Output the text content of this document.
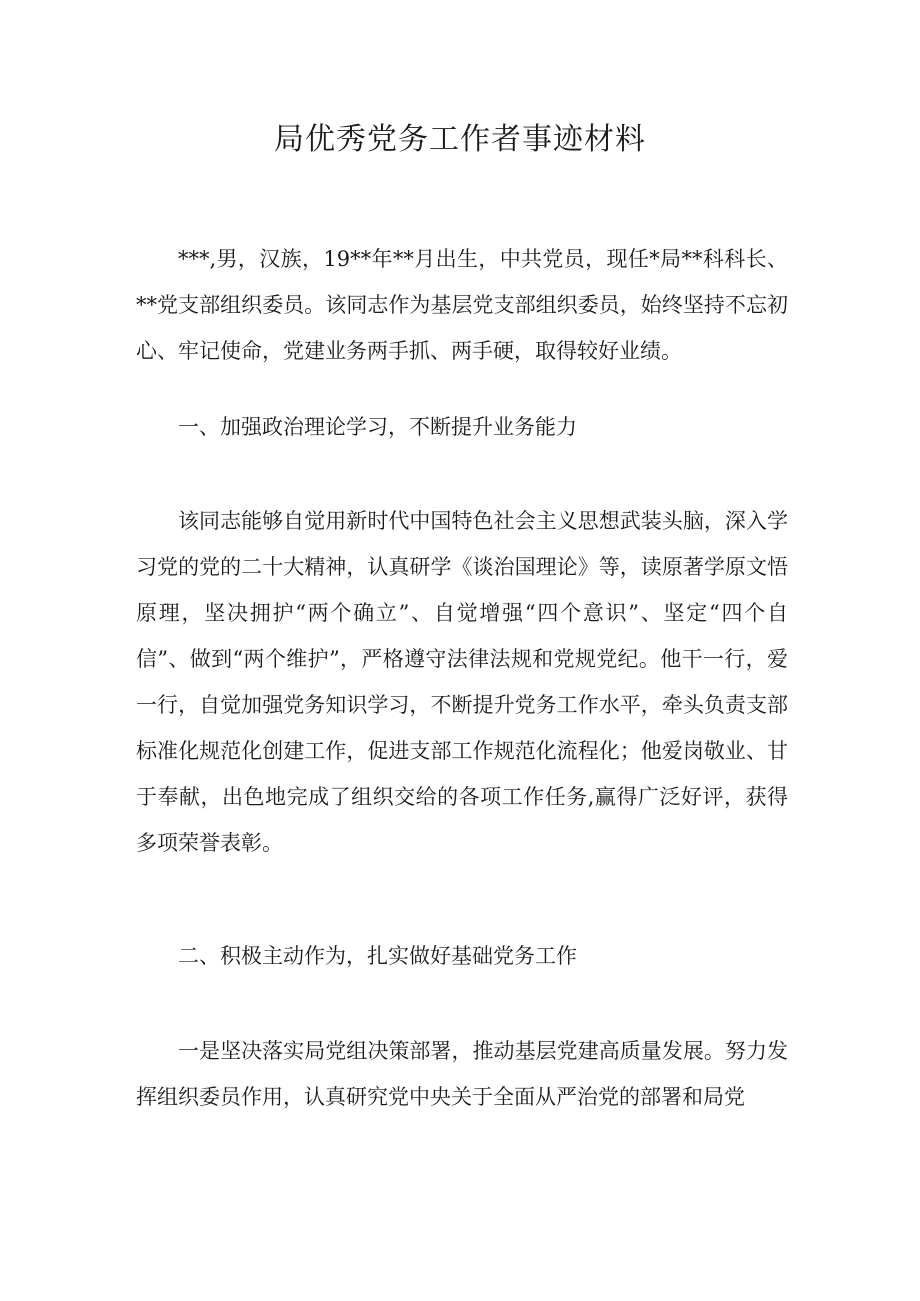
局优秀党务工作者事迹材料

***,男，汉族，19**年**月出生，中共党员，现任*局**科科长、**党支部组织委员。该同志作为基层党支部组织委员，始终坚持不忘初心、牢记使命，党建业务两手抓、两手硬，取得较好业绩。

一、加强政治理论学习，不断提升业务能力

该同志能够自觉用新时代中国特色社会主义思想武装头脑，深入学习党的党的二十大精神，认真研学《谈治国理论》等，读原著学原文悟原理，坚决拥护“两个确立”、自觉增强“四个意识”、坚定“四个自信”、做到“两个维护”，严格遵守法律法规和党规党纪。他干一行，爱一行，自觉加强党务知识学习，不断提升党务工作水平，牵头负责支部标准化规范化创建工作，促进支部工作规范化流程化；他爱岗敬业、甘于奉献，出色地完成了组织交给的各项工作任务,赢得广泛好评，获得多项荣誉表彰。

二、积极主动作为，扎实做好基础党务工作

一是坚决落实局党组决策部署，推动基层党建高质量发展。努力发挥组织委员作用，认真研究党中央关于全面从严治党的部署和局党
